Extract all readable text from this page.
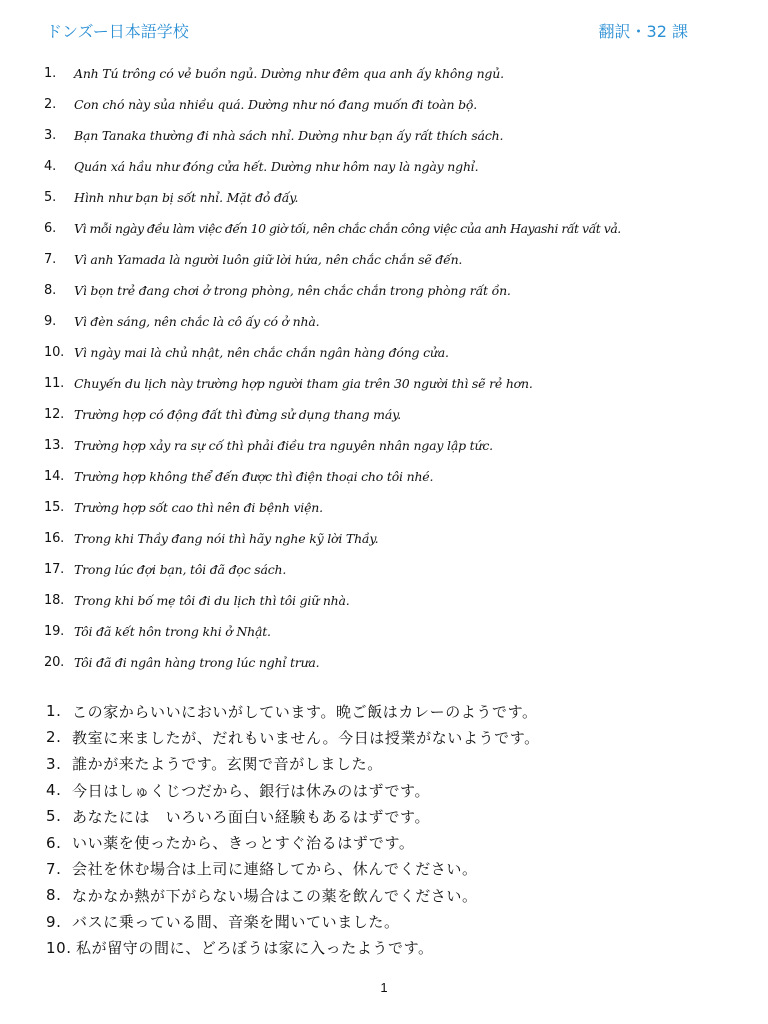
ドンズー日本語学校	翻訳・32 課
1.	Anh Tú trông có vẻ buồn ngủ. Dường như đêm qua anh ấy không ngủ.
2.	Con chó này sủa nhiều quá. Dường như nó đang muốn đi toàn bộ.
3.	Bạn Tanaka thường đi nhà sách nhỉ. Dường như bạn ấy rất thích sách.
4.	Quán xá hầu như đóng cửa hết. Dường như hôm nay là ngày nghỉ.
5.	Hình như bạn bị sốt nhỉ. Mặt đỏ đấy.
6.	Vì mỗi ngày đều làm việc đến 10 giờ tối, nên chắc chắn công việc của anh Hayashi rất vất vả.
7.	Vì anh Yamada là người luôn giữ lời hứa, nên chắc chắn sẽ đến.
8.	Vì bọn trẻ đang chơi ở trong phòng, nên chắc chắn trong phòng rất ồn.
9.	Vì đèn sáng, nên chắc là cô ấy có ở nhà.
10. Vì ngày mai là chủ nhật, nên chắc chắn ngân hàng đóng cửa.
11. Chuyến du lịch này trường hợp người tham gia trên 30 người thì sẽ rẻ hơn.
12. Trường hợp có động đất thì đừng sử dụng thang máy.
13. Trường hợp xảy ra sự cố thì phải điều tra nguyên nhân ngay lập tức.
14. Trường hợp không thể đến được thì điện thoại cho tôi nhé.
15. Trường hợp sốt cao thì nên đi bệnh viện.
16. Trong khi Thầy đang nói thì hãy nghe kỹ lời Thầy.
17. Trong lúc đợi bạn, tôi đã đọc sách.
18. Trong khi bố mẹ tôi đi du lịch thì tôi giữ nhà.
19. Tôi đã kết hôn trong khi ở Nhật.
20. Tôi đã đi ngân hàng trong lúc nghỉ trưa.
1. この家からいいにおいがしています。晩ご飯はカレーのようです。
2. 教室に来ましたが、だれもいません。今日は授業がないようです。
3. 誰かが来たようです。玄関で音がしました。
4. 今日はしゅくじつだから、銀行は休みのはずです。
5. あなたには　いろいろ面白い経験もあるはずです。
6. いい薬を使ったから、きっとすぐ治るはずです。
7. 会社を休む場合は上司に連絡してから、休んでください。
8. なかなか熱が下がらない場合はこの薬を飲んでください。
9. バスに乗っている間、音楽を聞いていました。
10. 私が留守の間に、どろぼうは家に入ったようです。
1
